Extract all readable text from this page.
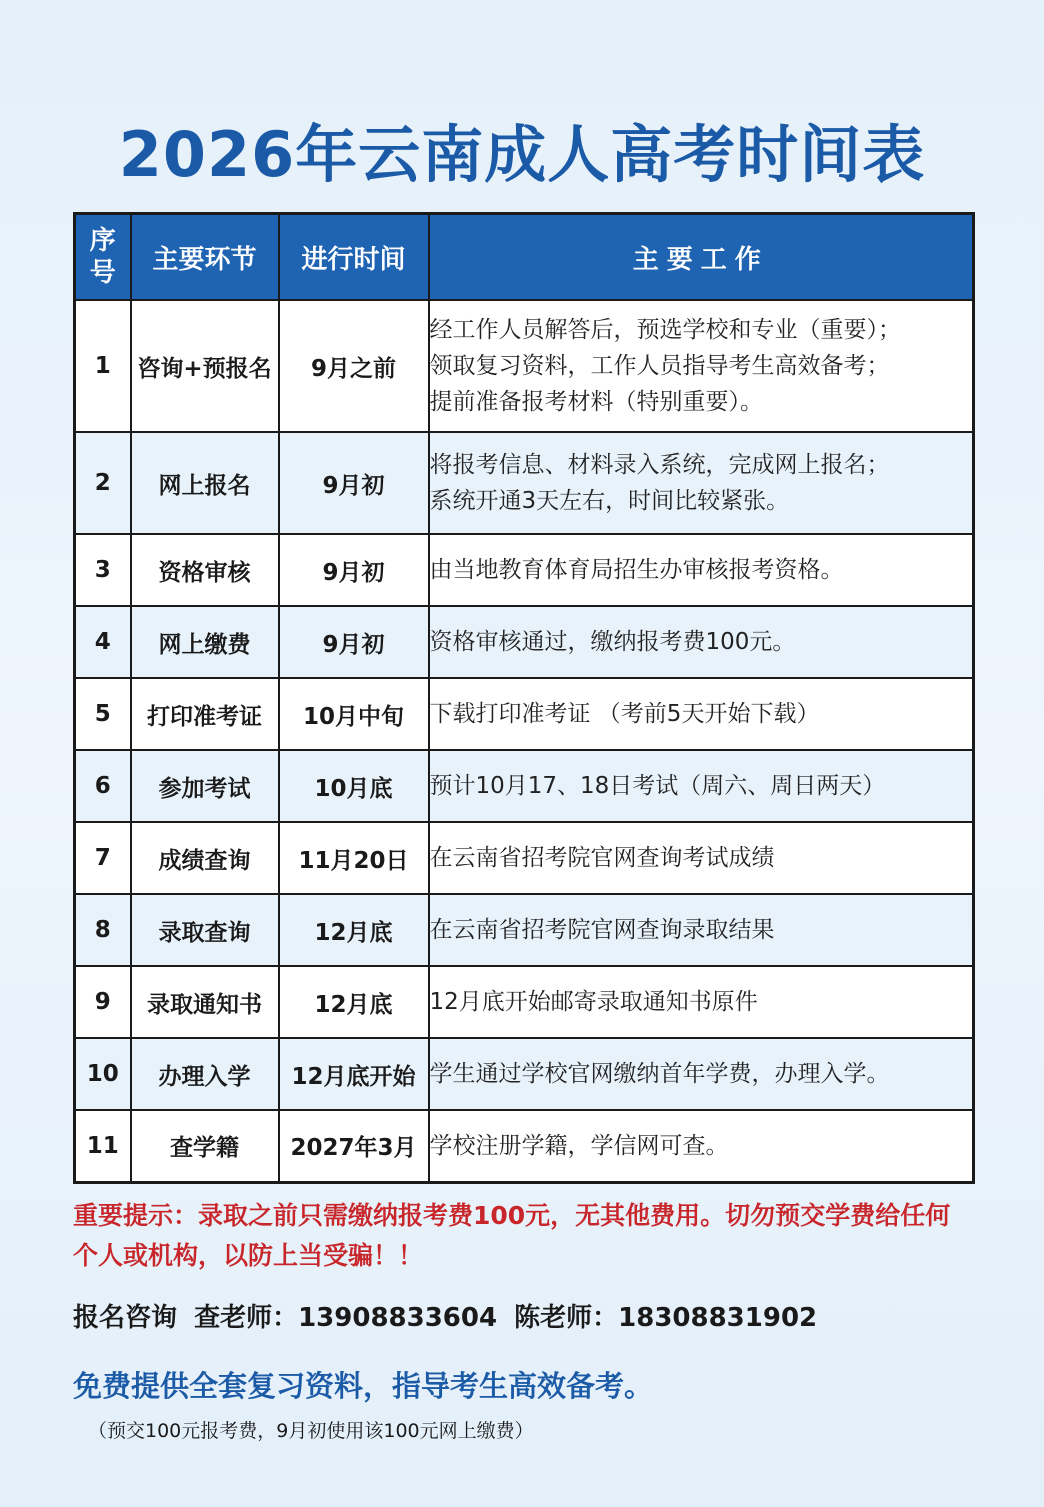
2026年云南成人高考时间表
序
号	主要环节	进行时间	主要工作
1	咨询+预报名	9月之前	经工作人员解答后，预选学校和专业（重要）；
领取复习资料，工作人员指导考生高效备考；
提前准备报考材料（特别重要）。

2	网上报名	9月初	将报考信息、材料录入系统，完成网上报名；
系统开通3天左右，时间比较紧张。

3	资格审核	9月初	由当地教育体育局招生办审核报考资格。

4	网上缴费	9月初	资格审核通过，缴纳报考费100元。

5	打印准考证	10月中旬	下载打印准考证 （考前5天开始下载）

6	参加考试	10月底	预计10月17、18日考试（周六、周日两天）

7	成绩查询	11月20日	在云南省招考院官网查询考试成绩

8	录取查询	12月底	在云南省招考院官网查询录取结果

9	录取通知书	12月底	12月底开始邮寄录取通知书原件

10	办理入学	12月底开始	学生通过学校官网缴纳首年学费，办理入学。

11	查学籍	2027年3月	学校注册学籍，学信网可查。
重要提示：录取之前只需缴纳报考费100元，无其他费用。切勿预交学费给任何个人或机构，以防上当受骗！！
报名咨询 查老师：13908833604 陈老师：18308831902
免费提供全套复习资料，指导考生高效备考。
（预交100元报考费，9月初使用该100元网上缴费）
